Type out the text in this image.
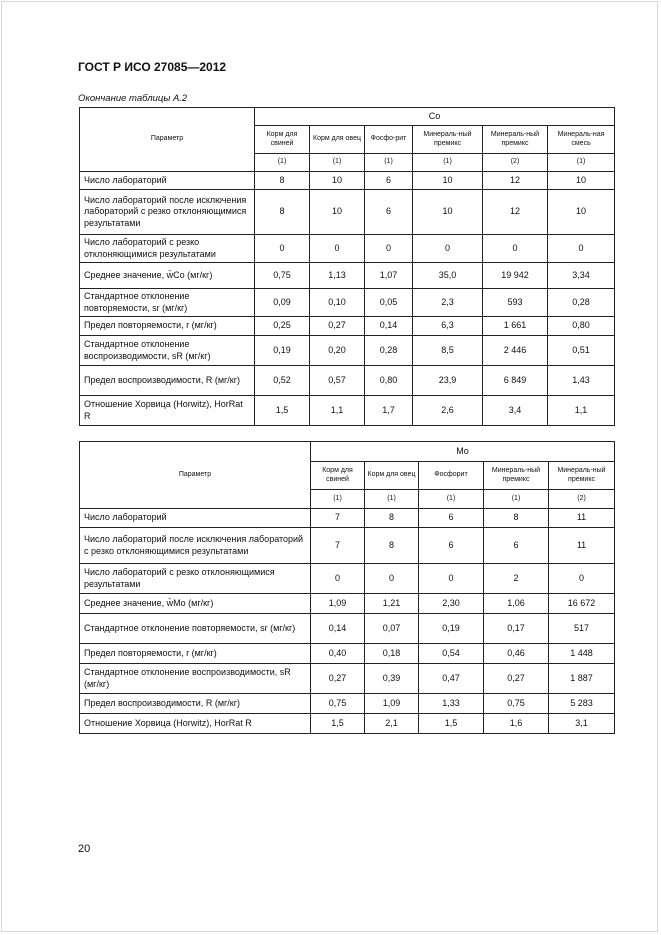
ГОСТ Р ИСО 27085—2012
Окончание таблицы А.2
Параметр	Co					
	Корм для свиней	Корм для овец	Фосфо-рит	Минераль-ный премикс	Минераль-ный премикс	Минераль-ная смесь
	(1)	(1)	(1)	(1)	(2)	(1)
Число лабораторий	8	10	6	10	12	10
Число лабораторий после исключения лабораторий с резко отклоняющимися результатами	8	10	6	10	12	10
Число лабораторий с резко отклоняющимися результатами	0	0	0	0	0	0
Среднее значение, w̄Co (мг/кг)	0,75	1,13	1,07	35,0	19 942	3,34
Стандартное отклонение повторяемости, sr (мг/кг)	0,09	0,10	0,05	2,3	593	0,28
Предел повторяемости, r (мг/кг)	0,25	0,27	0,14	6,3	1 661	0,80
Стандартное отклонение воспроизводимости, sR (мг/кг)	0,19	0,20	0,28	8,5	2 446	0,51
Предел воспроизводимости, R (мг/кг)	0,52	0,57	0,80	23,9	6 849	1,43
Отношение Хорвица (Horwitz), HorRat R	1,5	1,1	1,7	2,6	3,4	1,1
Параметр	Mo				
	Корм для свиней	Корм для овец	Фосфорит	Минераль-ный премикс	Минераль-ный премикс
	(1)	(1)	(1)	(1)	(2)
Число лабораторий	7	8	6	8	11
Число лабораторий после исключения лабораторий с резко отклоняющимися результатами	7	8	6	6	11
Число лабораторий с резко отклоняющимися результатами	0	0	0	2	0
Среднее значение, w̄Mo (мг/кг)	1,09	1,21	2,30	1,06	16 672
Стандартное отклонение повторяемости, sr (мг/кг)	0,14	0,07	0,19	0,17	517
Предел повторяемости, r (мг/кг)	0,40	0,18	0,54	0,46	1 448
Стандартное отклонение воспроизводимости, sR (мг/кг)	0,27	0,39	0,47	0,27	1 887
Предел воспроизводимости, R (мг/кг)	0,75	1,09	1,33	0,75	5 283
Отношение Хорвица (Horwitz), HorRat R	1,5	2,1	1,5	1,6	3,1
20
